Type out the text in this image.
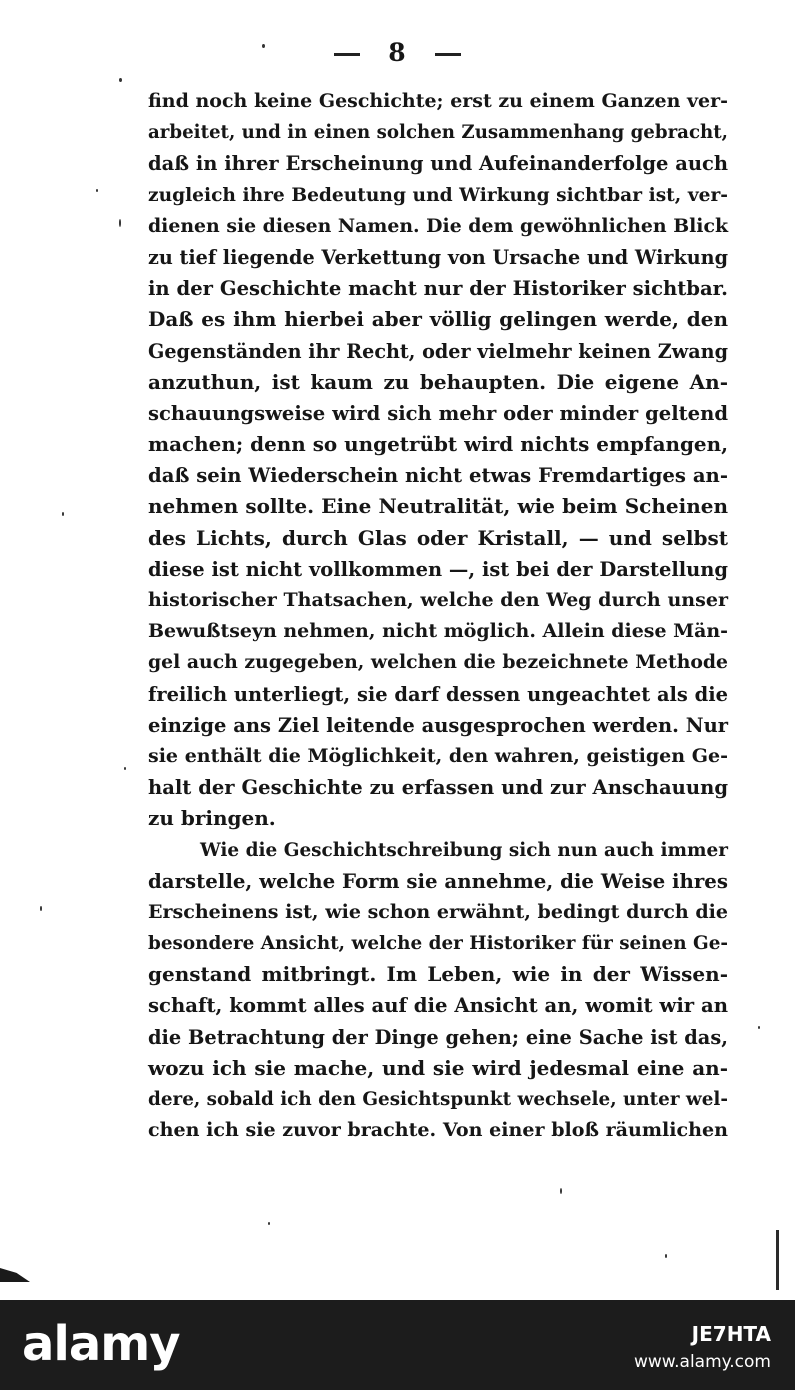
8
find noch keine Geschichte; erst zu einem Ganzen ver-
arbeitet, und in einen solchen Zusammenhang gebracht,
daß in ihrer Erscheinung und Aufeinanderfolge auch
zugleich ihre Bedeutung und Wirkung sichtbar ist, ver-
dienen sie diesen Namen. Die dem gewöhnlichen Blick
zu tief liegende Verkettung von Ursache und Wirkung
in der Geschichte macht nur der Historiker sichtbar.
Daß es ihm hierbei aber völlig gelingen werde, den
Gegenständen ihr Recht, oder vielmehr keinen Zwang
anzuthun, ist kaum zu behaupten. Die eigene An-
schauungsweise wird sich mehr oder minder geltend
machen; denn so ungetrübt wird nichts empfangen,
daß sein Wiederschein nicht etwas Fremdartiges an-
nehmen sollte. Eine Neutralität, wie beim Scheinen
des Lichts, durch Glas oder Kristall, — und selbst
diese ist nicht vollkommen —, ist bei der Darstellung
historischer Thatsachen, welche den Weg durch unser
Bewußtseyn nehmen, nicht möglich. Allein diese Män-
gel auch zugegeben, welchen die bezeichnete Methode
freilich unterliegt, sie darf dessen ungeachtet als die
einzige ans Ziel leitende ausgesprochen werden. Nur
sie enthält die Möglichkeit, den wahren, geistigen Ge-
halt der Geschichte zu erfassen und zur Anschauung
zu bringen.
Wie die Geschichtschreibung sich nun auch immer
darstelle, welche Form sie annehme, die Weise ihres
Erscheinens ist, wie schon erwähnt, bedingt durch die
besondere Ansicht, welche der Historiker für seinen Ge-
genstand mitbringt. Im Leben, wie in der Wissen-
schaft, kommt alles auf die Ansicht an, womit wir an
die Betrachtung der Dinge gehen; eine Sache ist das,
wozu ich sie mache, und sie wird jedesmal eine an-
dere, sobald ich den Gesichtspunkt wechsele, unter wel-
chen ich sie zuvor brachte. Von einer bloß räumlichen
alamy	JE7HTA
www.alamy.com
